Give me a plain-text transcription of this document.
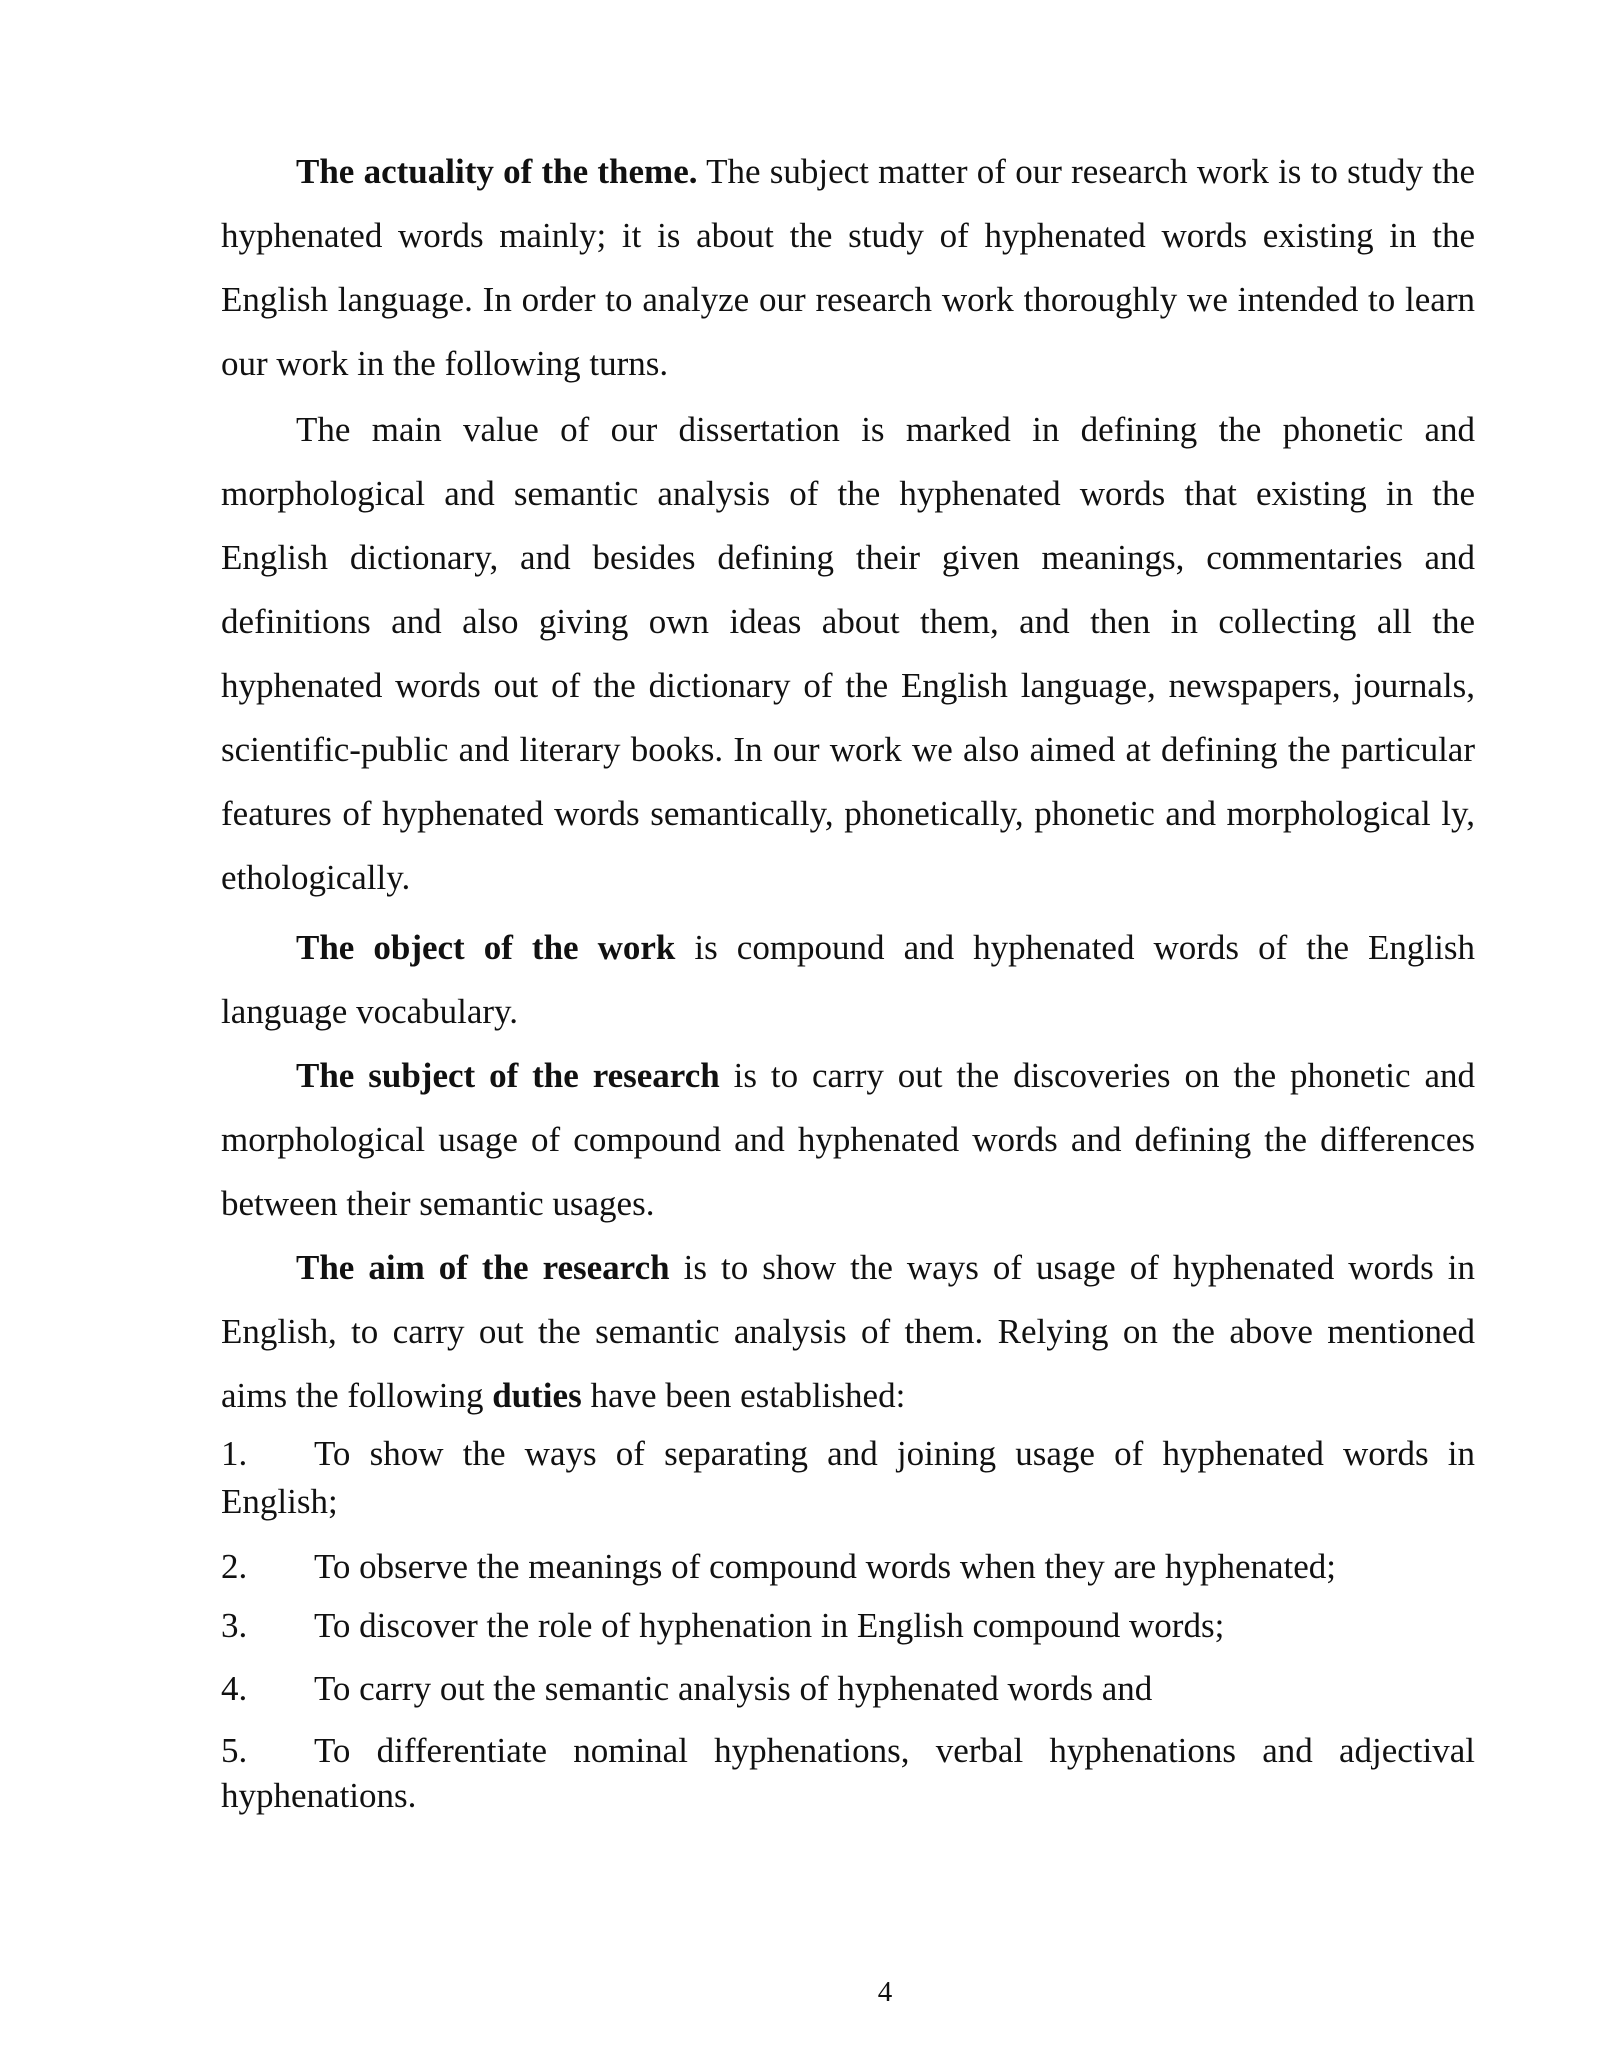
The actuality of the theme. The subject matter of our research work is to study the hyphenated words mainly; it is about the study of hyphenated words existing in the English language. In order to analyze our research work thoroughly we intended to learn our work in the following turns.

The main value of our dissertation is marked in defining the phonetic and morphological and semantic analysis of the hyphenated words that existing in the English dictionary, and besides defining their given meanings, commentaries and definitions and also giving own ideas about them, and then in collecting all the hyphenated words out of the dictionary of the English language, newspapers, journals, scientific-public and literary books. In our work we also aimed at defining the particular features of hyphenated words semantically, phonetically, phonetic and morphological ly, ethologically.

The object of the work is compound and hyphenated words of the English language vocabulary.

The subject of the research is to carry out the discoveries on the phonetic and morphological usage of compound and hyphenated words and defining the differences between their semantic usages.

The aim of the research is to show the ways of usage of hyphenated words in English, to carry out the semantic analysis of them. Relying on the above mentioned aims the following duties have been established:

1. To show the ways of separating and joining usage of hyphenated words in English;
2. To observe the meanings of compound words when they are hyphenated;
3. To discover the role of hyphenation in English compound words;
4. To carry out the semantic analysis of hyphenated words and
5. To differentiate nominal hyphenations, verbal hyphenations and adjectival hyphenations.
4
